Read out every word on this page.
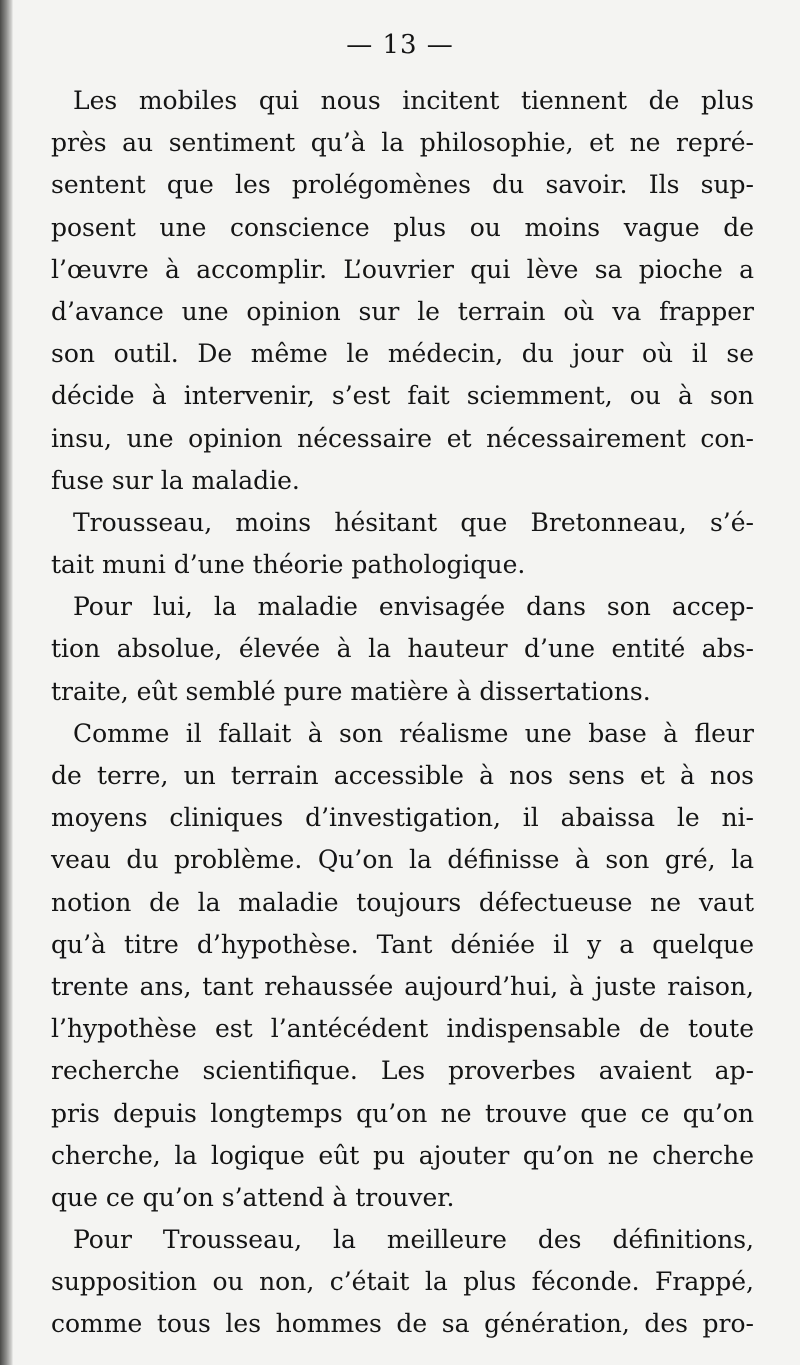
— 13 —
Les mobiles qui nous incitent tiennent de plus
près au sentiment qu’à la philosophie, et ne repré-
sentent que les prolégomènes du savoir. Ils sup-
posent une conscience plus ou moins vague de
l’œuvre à accomplir. L’ouvrier qui lève sa pioche a
d’avance une opinion sur le terrain où va frapper
son outil. De même le médecin, du jour où il se
décide à intervenir, s’est fait sciemment, ou à son
insu, une opinion nécessaire et nécessairement con-
fuse sur la maladie.
Trousseau, moins hésitant que Bretonneau, s’é-
tait muni d’une théorie pathologique.
Pour lui, la maladie envisagée dans son accep-
tion absolue, élevée à la hauteur d’une entité abs-
traite, eût semblé pure matière à dissertations.
Comme il fallait à son réalisme une base à fleur
de terre, un terrain accessible à nos sens et à nos
moyens cliniques d’investigation, il abaissa le ni-
veau du problème. Qu’on la définisse à son gré, la
notion de la maladie toujours défectueuse ne vaut
qu’à titre d’hypothèse. Tant déniée il y a quelque
trente ans, tant rehaussée aujourd’hui, à juste raison,
l’hypothèse est l’antécédent indispensable de toute
recherche scientifique. Les proverbes avaient ap-
pris depuis longtemps qu’on ne trouve que ce qu’on
cherche, la logique eût pu ajouter qu’on ne cherche
que ce qu’on s’attend à trouver.
Pour Trousseau, la meilleure des définitions,
supposition ou non, c’était la plus féconde. Frappé,
comme tous les hommes de sa génération, des pro-
